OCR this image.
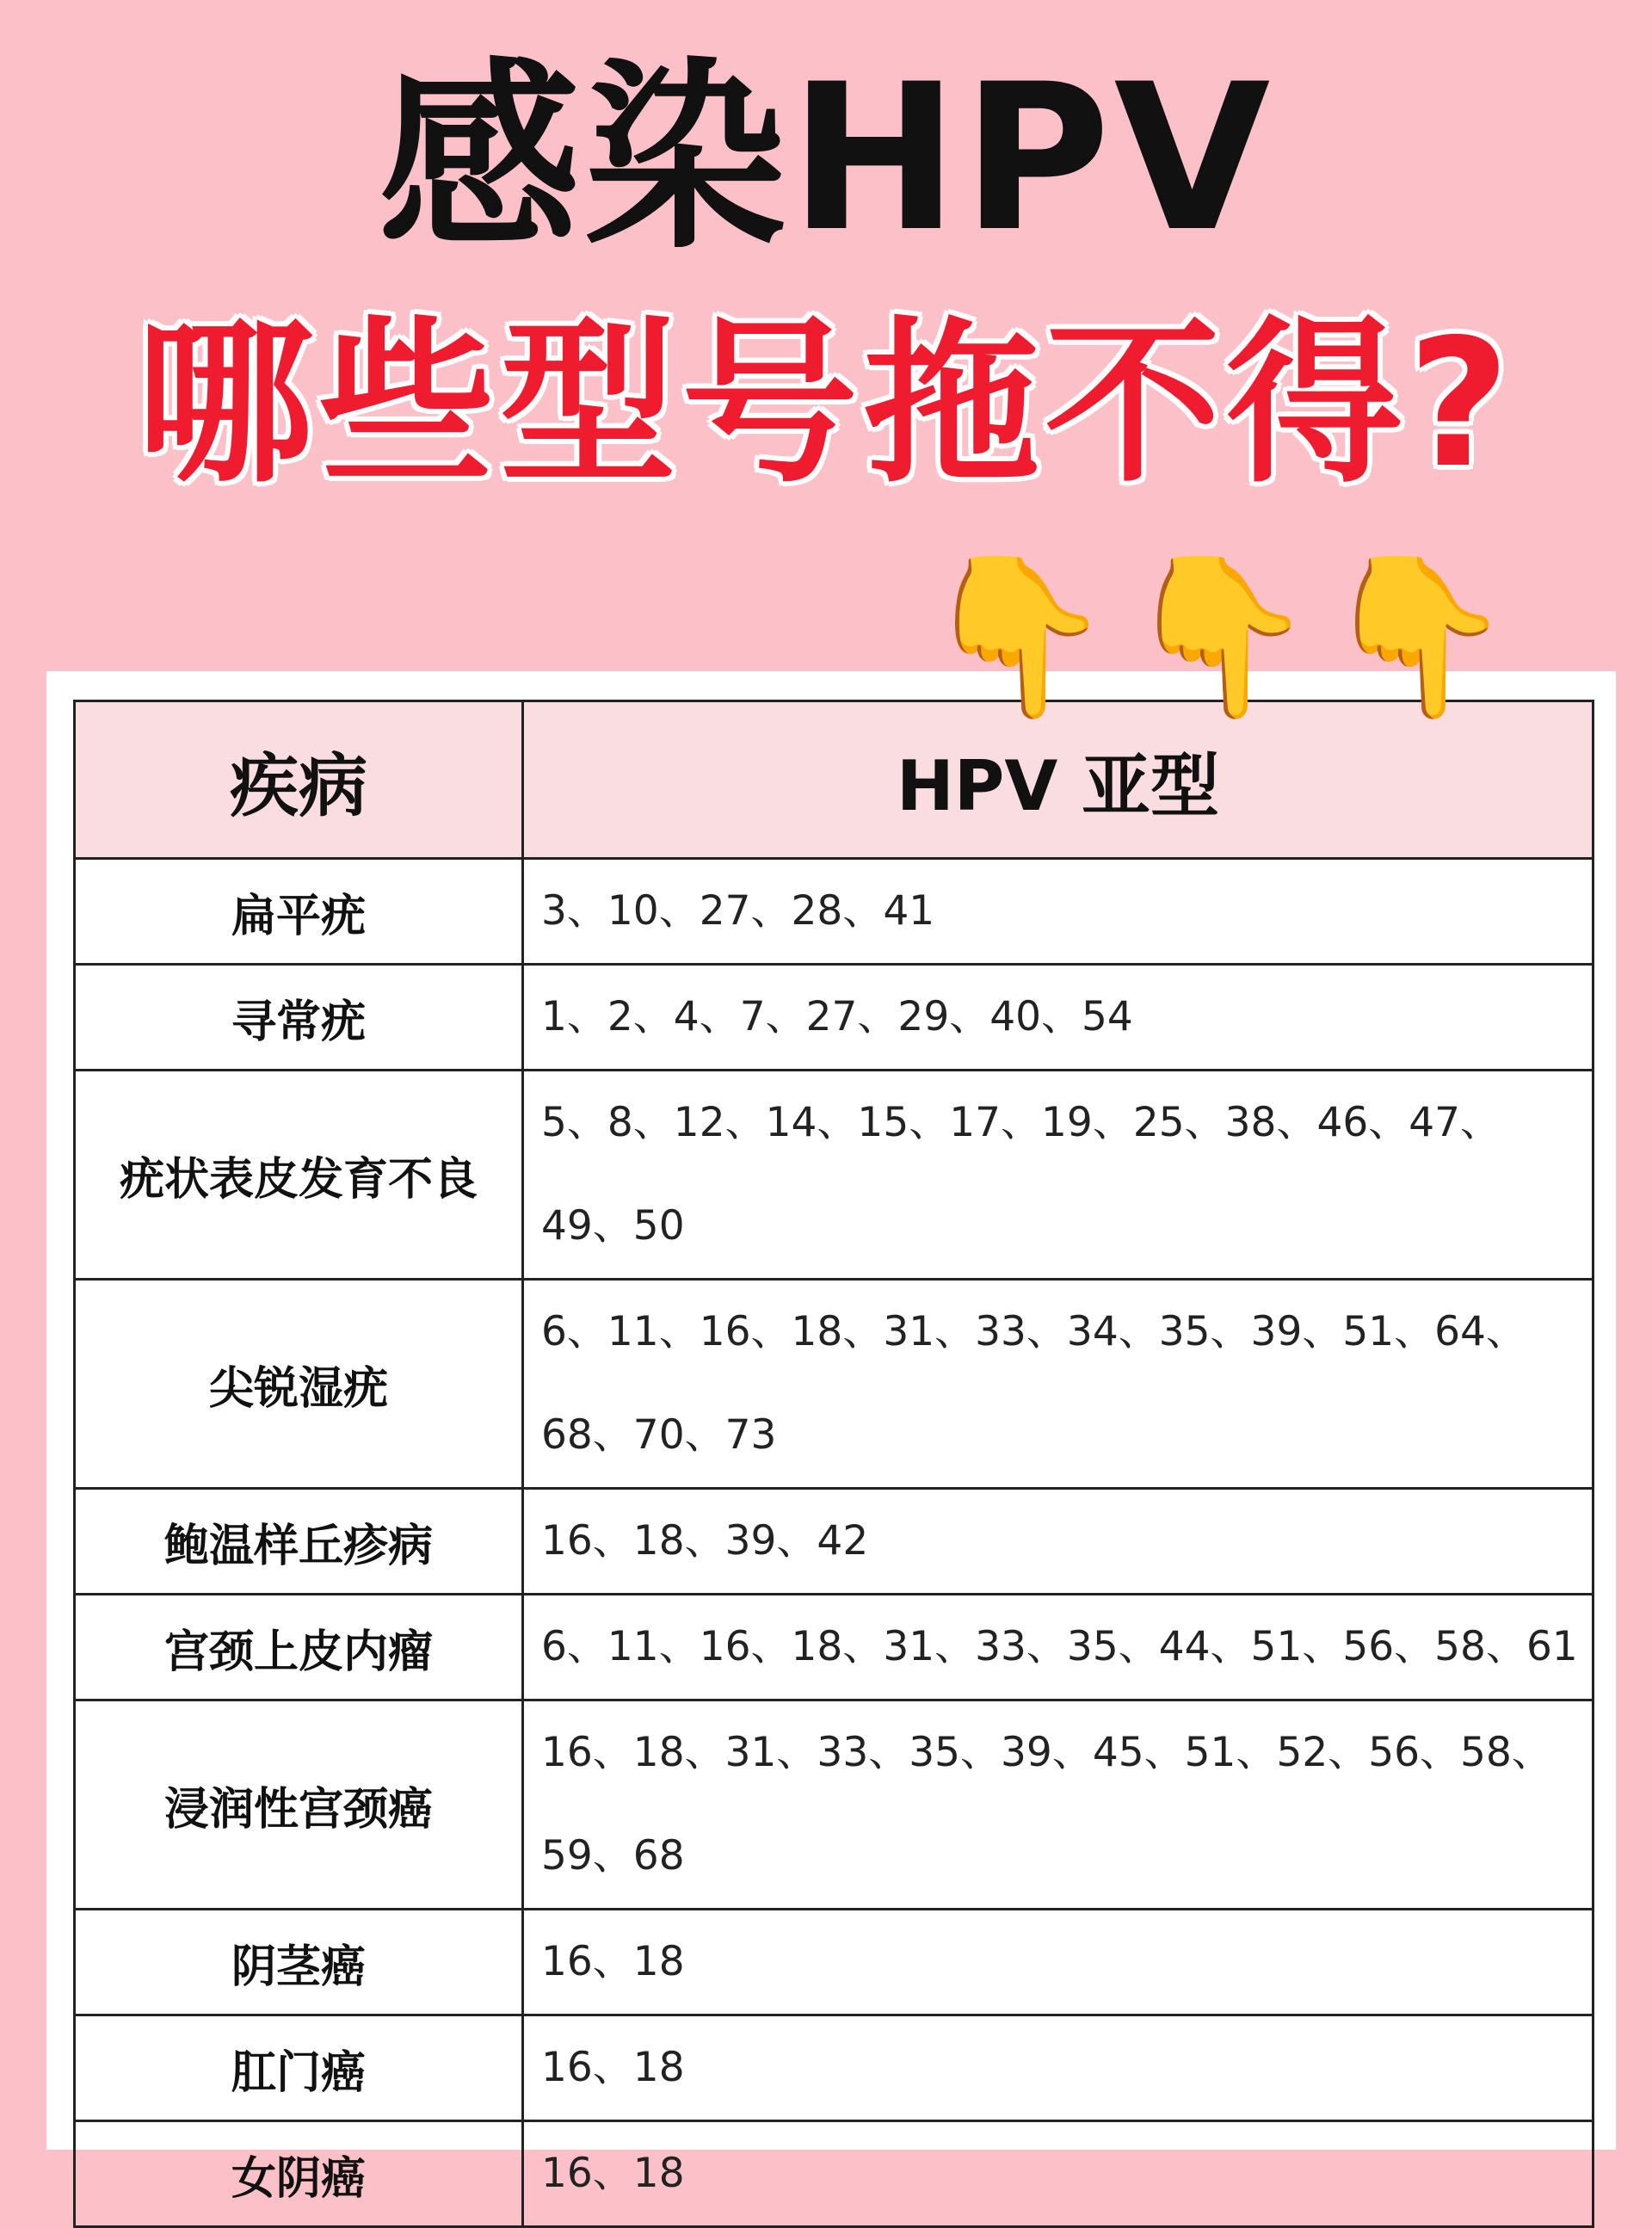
感染HPV
哪些型号拖不得?
👇 👇 👇
疾病	HPV 亚型
扁平疣	3、10、27、28、41
寻常疣	1、2、4、7、27、29、40、54
疣状表皮发育不良	5、8、12、14、15、17、19、25、38、46、47、49、50
尖锐湿疣	6、11、16、18、31、33、34、35、39、51、64、68、70、73
鲍温样丘疹病	16、18、39、42
宫颈上皮内瘤	6、11、16、18、31、33、35、44、51、56、58、61
浸润性宫颈癌	16、18、31、33、35、39、45、51、52、56、58、59、68
阴茎癌	16、18
肛门癌	16、18
女阴癌	16、18
